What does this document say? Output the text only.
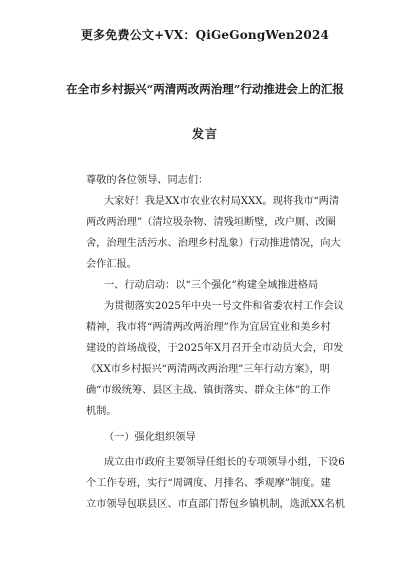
更多免费公文+VX：QiGeGongWen2024
在全市乡村振兴“两清两改两治理”行动推进会上的汇报
发言
尊敬的各位领导、同志们：
大家好！我是XX市农业农村局XXX。现将我市“两清
两改两治理”（清垃圾杂物、清残垣断壁，改户厕、改圈
舍，治理生活污水、治理乡村乱象）行动推进情况，向大
会作汇报。
一、行动启动：以“三个强化”构建全域推进格局
为贯彻落实2025年中央一号文件和省委农村工作会议
精神，我市将“两清两改两治理”作为宜居宜业和美乡村
建设的首场战役，于2025年X月召开全市动员大会，印发
《XX市乡村振兴“两清两改两治理”三年行动方案》，明
确“市级统筹、县区主战、镇街落实、群众主体”的工作
机制。
（一）强化组织领导
成立由市政府主要领导任组长的专项领导小组，下设6
个工作专班，实行“周调度、月排名、季观摩”制度。建
立市领导包联县区、市直部门帮包乡镇机制，选派XX名机
